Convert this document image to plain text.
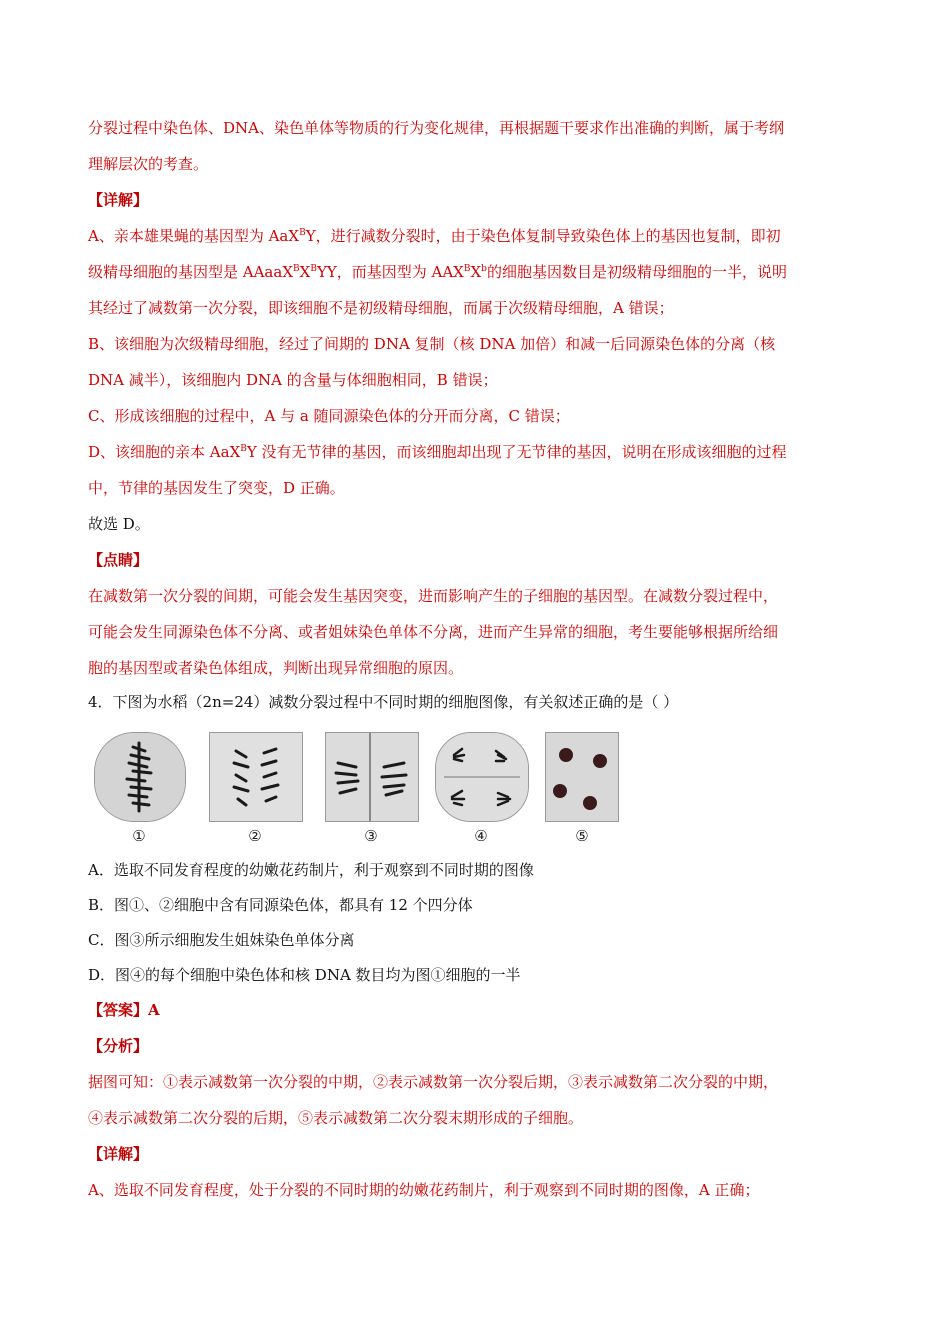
分裂过程中染色体、DNA、染色单体等物质的行为变化规律，再根据题干要求作出准确的判断，属于考纲
理解层次的考查。
【详解】
A、亲本雄果蝇的基因型为 AaX$^B$Y，进行减数分裂时，由于染色体复制导致染色体上的基因也复制，即初
级精母细胞的基因型是 $AAaaX^BX^BYY$，而基因型为 $AAX^BX^b$的细胞基因数目是初级精母细胞的一半，说明
其经过了减数第一次分裂，即该细胞不是初级精母细胞，而属于次级精母细胞，A 错误；
B、该细胞为次级精母细胞，经过了间期的 DNA 复制（核 DNA 加倍）和减一后同源染色体的分离（核
DNA 减半），该细胞内 DNA 的含量与体细胞相同，B 错误；
C、形成该细胞的过程中，A 与 a 随同源染色体的分开而分离，C 错误；
D、该细胞的亲本 AaX$^B$Y 没有无节律的基因，而该细胞却出现了无节律的基因，说明在形成该细胞的过程
中，节律的基因发生了突变，D 正确。
故选 D。
【点睛】
在减数第一次分裂的间期，可能会发生基因突变，进而影响产生的子细胞的基因型。在减数分裂过程中，
可能会发生同源染色体不分离、或者姐妹染色单体不分离，进而产生异常的细胞，考生要能够根据所给细
胞的基因型或者染色体组成，判断出现异常细胞的原因。
4．下图为水稻（2n=24）减数分裂过程中不同时期的细胞图像，有关叙述正确的是（ ）
①	②	③	④	⑤
A．选取不同发育程度的幼嫩花药制片，利于观察到不同时期的图像
B．图①、②细胞中含有同源染色体，都具有 12 个四分体
C．图③所示细胞发生姐妹染色单体分离
D．图④的每个细胞中染色体和核 DNA 数目均为图①细胞的一半
【答案】A
【分析】
据图可知：①表示减数第一次分裂的中期，②表示减数第一次分裂后期，③表示减数第二次分裂的中期，
④表示减数第二次分裂的后期，⑤表示减数第二次分裂末期形成的子细胞。
【详解】
A、选取不同发育程度，处于分裂的不同时期的幼嫩花药制片，利于观察到不同时期的图像，A 正确；
